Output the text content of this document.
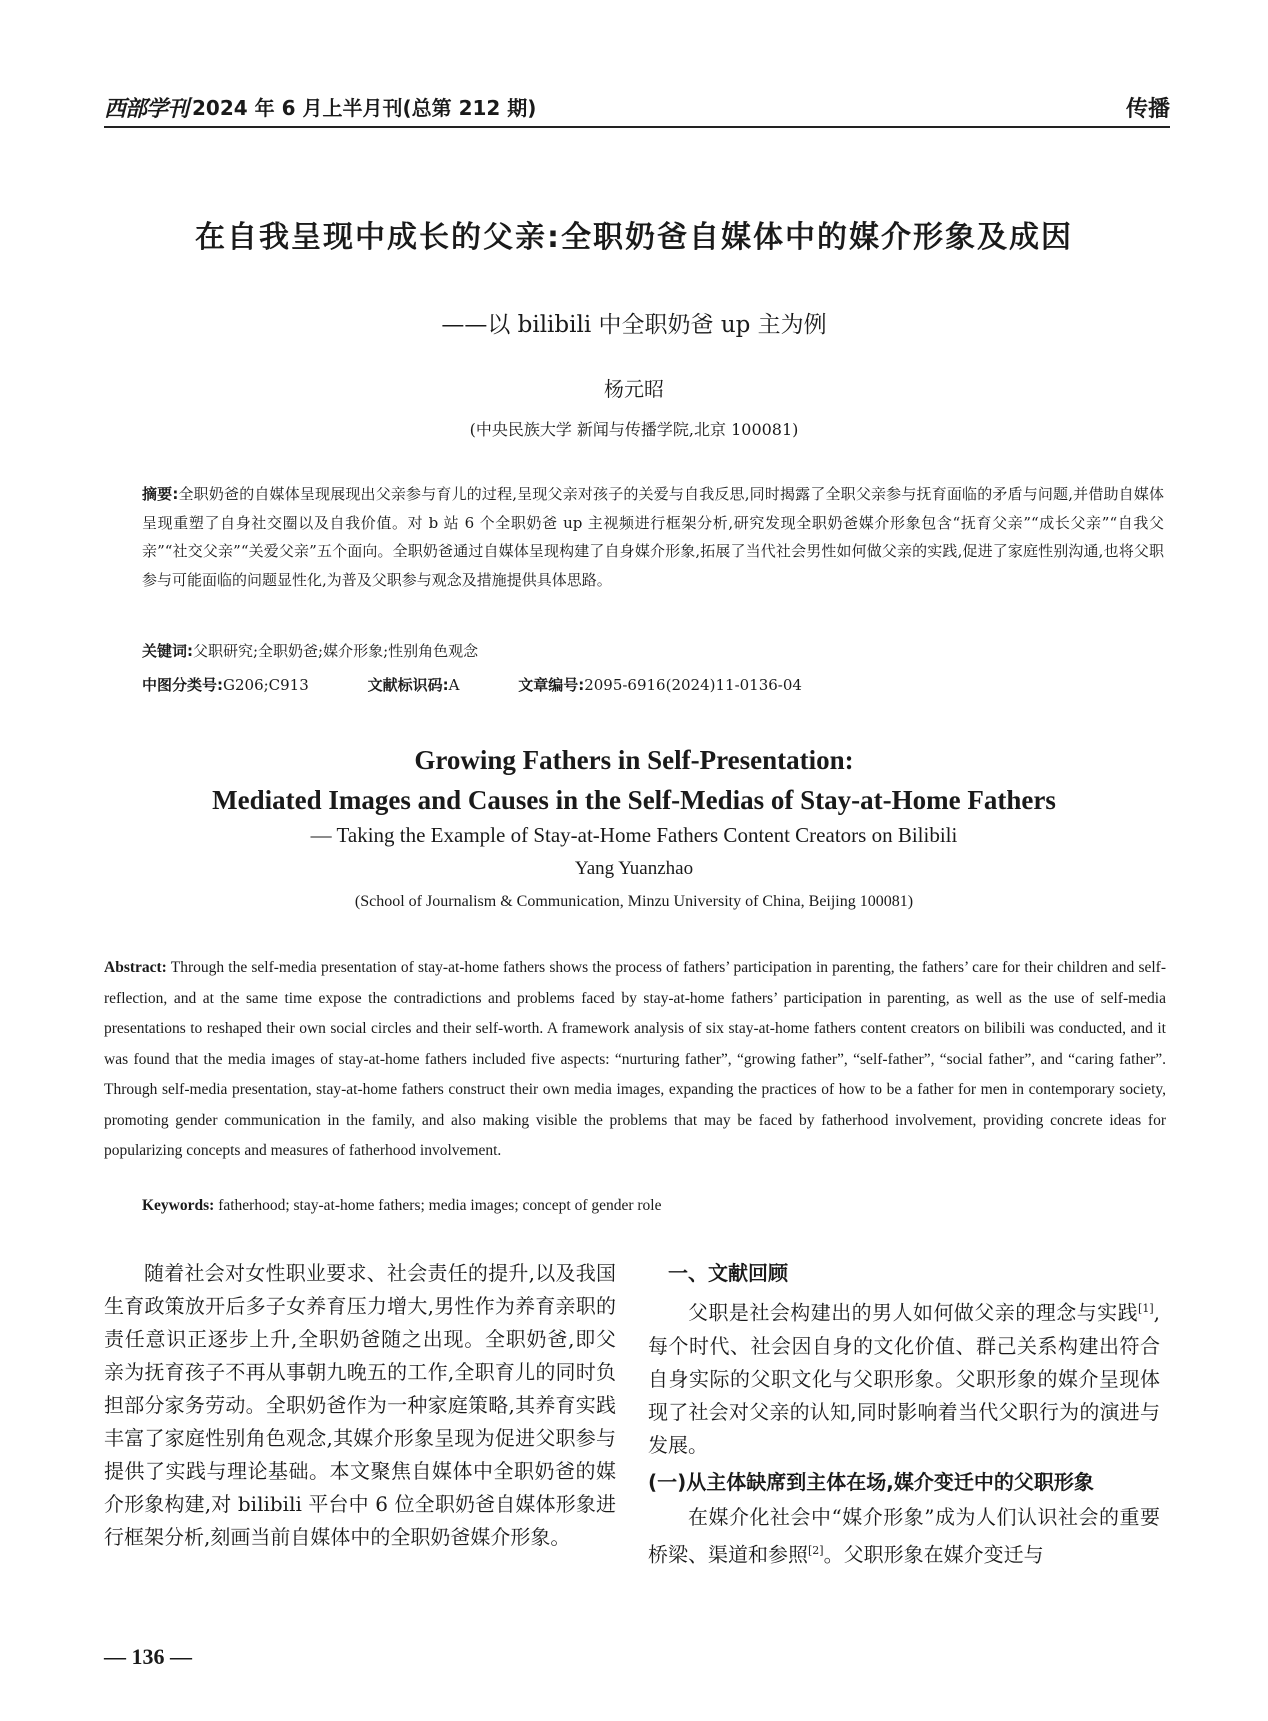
西部学刊 2024 年 6 月上半月刊(总第 212 期)	传播
在自我呈现中成长的父亲:全职奶爸自媒体中的媒介形象及成因
——以 bilibili 中全职奶爸 up 主为例
杨元昭
(中央民族大学 新闻与传播学院,北京 100081)
摘要:全职奶爸的自媒体呈现展现出父亲参与育儿的过程,呈现父亲对孩子的关爱与自我反思,同时揭露了全职父亲参与抚育面临的矛盾与问题,并借助自媒体呈现重塑了自身社交圈以及自我价值。对 b 站 6 个全职奶爸 up 主视频进行框架分析,研究发现全职奶爸媒介形象包含“抚育父亲”“成长父亲”“自我父亲”“社交父亲”“关爱父亲”五个面向。全职奶爸通过自媒体呈现构建了自身媒介形象,拓展了当代社会男性如何做父亲的实践,促进了家庭性别沟通,也将父职参与可能面临的问题显性化,为普及父职参与观念及措施提供具体思路。
关键词:父职研究;全职奶爸;媒介形象;性别角色观念
中图分类号:G206;C913	文献标识码:A	文章编号:2095-6916(2024)11-0136-04
Growing Fathers in Self-Presentation:
Mediated Images and Causes in the Self-Medias of Stay-at-Home Fathers
— Taking the Example of Stay-at-Home Fathers Content Creators on Bilibili
Yang Yuanzhao
(School of Journalism & Communication, Minzu University of China, Beijing 100081)
Abstract: Through the self-media presentation of stay-at-home fathers shows the process of fathers’ participation in parenting, the fathers’ care for their children and self-reflection, and at the same time expose the contradictions and problems faced by stay-at-home fathers’ participation in parenting, as well as the use of self-media presentations to reshaped their own social circles and their self-worth. A framework analysis of six stay-at-home fathers content creators on bilibili was conducted, and it was found that the media images of stay-at-home fathers included five aspects: “nurturing father”, “growing father”, “self-father”, “social father”, and “caring father”. Through self-media presentation, stay-at-home fathers construct their own media images, expanding the practices of how to be a father for men in contemporary society, promoting gender communication in the family, and also making visible the problems that may be faced by fatherhood involvement, providing concrete ideas for popularizing concepts and measures of fatherhood involvement.
Keywords: fatherhood; stay-at-home fathers; media images; concept of gender role

随着社会对女性职业要求、社会责任的提升,以及我国生育政策放开后多子女养育压力增大,男性作为养育亲职的责任意识正逐步上升,全职奶爸随之出现。全职奶爸,即父亲为抚育孩子不再从事朝九晚五的工作,全职育儿的同时负担部分家务劳动。全职奶爸作为一种家庭策略,其养育实践丰富了家庭性别角色观念,其媒介形象呈现为促进父职参与提供了实践与理论基础。本文聚焦自媒体中全职奶爸的媒介形象构建,对 bilibili 平台中 6 位全职奶爸自媒体形象进行框架分析,刻画当前自媒体中的全职奶爸媒介形象。

一、文献回顾

父职是社会构建出的男人如何做父亲的理念与实践[1],每个时代、社会因自身的文化价值、群己关系构建出符合自身实际的父职文化与父职形象。父职形象的媒介呈现体现了社会对父亲的认知,同时影响着当代父职行为的演进与发展。

(一)从主体缺席到主体在场,媒介变迁中的父职形象

在媒介化社会中“媒介形象”成为人们认识社会的重要桥梁、渠道和参照[2]。父职形象在媒介变迁与

— 136 —
